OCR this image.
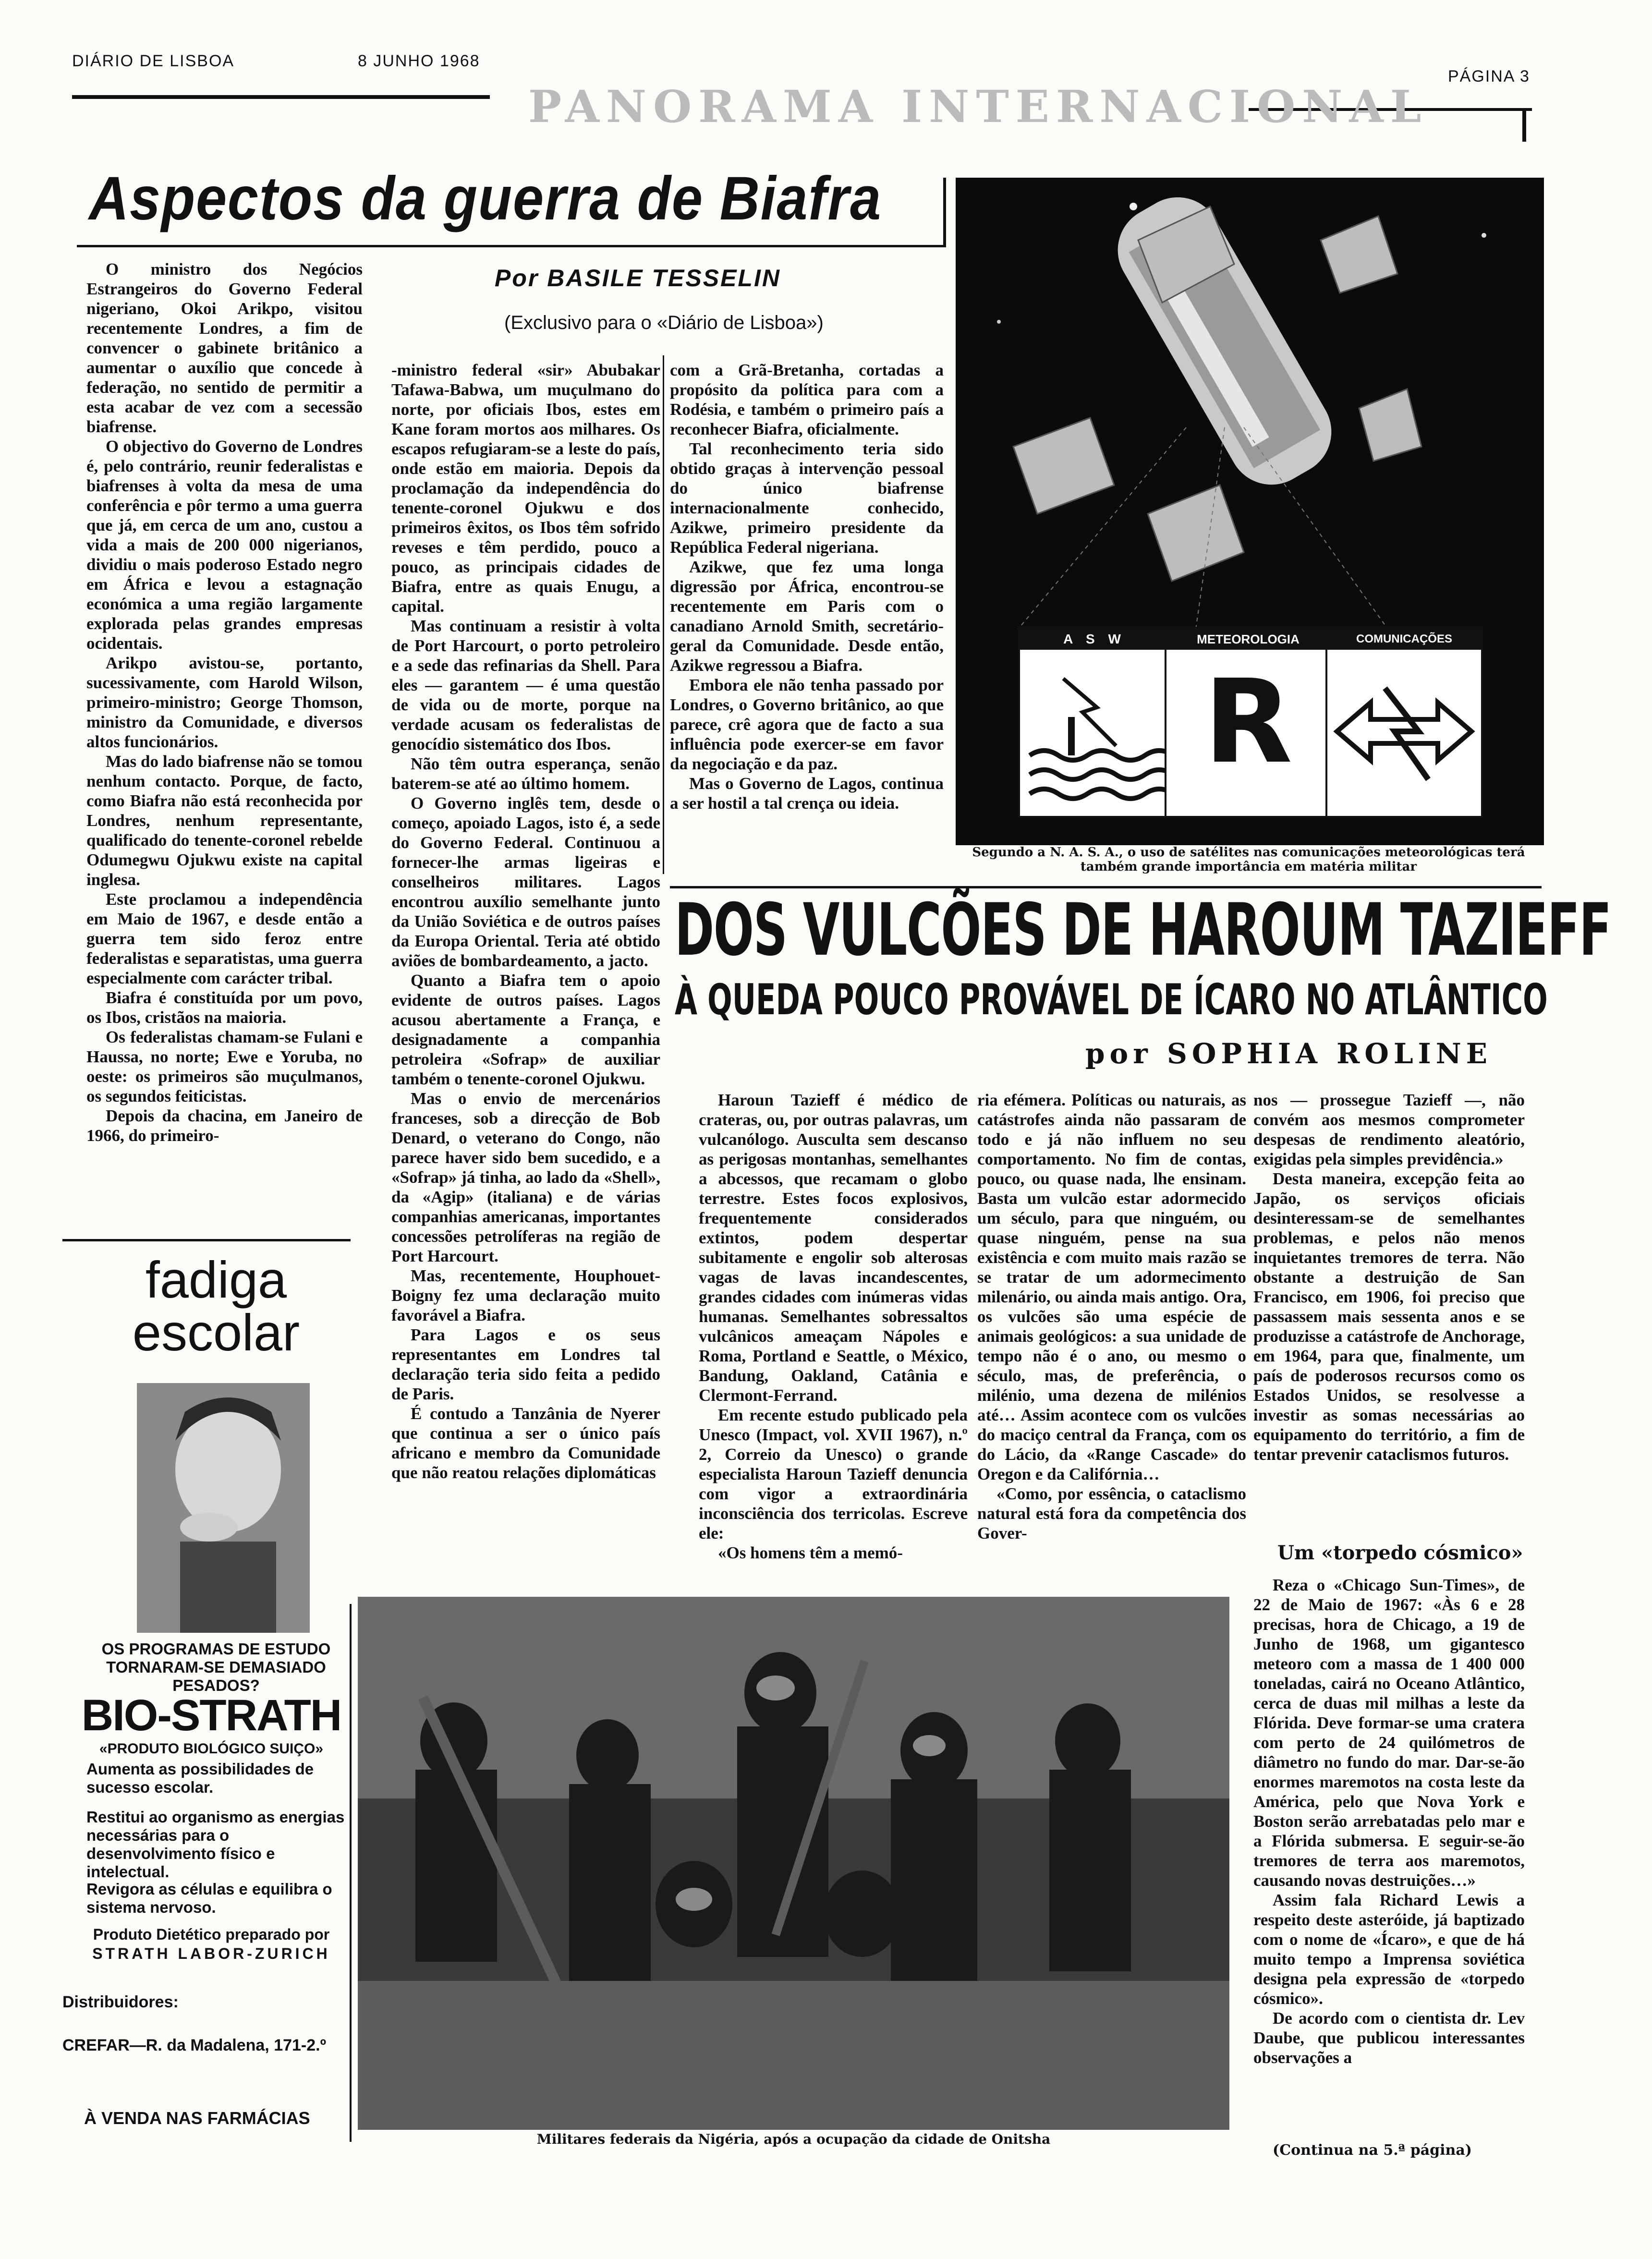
DIÁRIO DE LISBOA	8 JUNHO 1968
PÁGINA 3
PANORAMA INTERNACIONAL
Aspectos da guerra de Biafra
Por BASILE TESSELIN
(Exclusivo para o «Diário de Lisboa»)

O ministro dos Negócios Estrangeiros do Governo Federal nigeriano, Okoi Arikpo, visitou recentemente Londres, a fim de convencer o gabinete britânico a aumentar o auxílio que concede à federação, no sentido de permitir a esta acabar de vez com a secessão biafrense.

O objectivo do Governo de Londres é, pelo contrário, reunir federalistas e biafrenses à volta da mesa de uma conferência e pôr termo a uma guerra que já, em cerca de um ano, custou a vida a mais de 200 000 nigerianos, dividiu o mais poderoso Estado negro em África e levou a estagnação económica a uma região largamente explorada pelas grandes empresas ocidentais.

Arikpo avistou-se, portanto, sucessivamente, com Harold Wilson, primeiro-ministro; George Thomson, ministro da Comunidade, e diversos altos funcionários.

Mas do lado biafrense não se tomou nenhum contacto. Porque, de facto, como Biafra não está reconhecida por Londres, nenhum representante, qualificado do tenente-coronel rebelde Odumegwu Ojukwu existe na capital inglesa.

Este proclamou a independência em Maio de 1967, e desde então a guerra tem sido feroz entre federalistas e separatistas, uma guerra especialmente com carácter tribal.

Biafra é constituída por um povo, os Ibos, cristãos na maioria.

Os federalistas chamam-se Fulani e Haussa, no norte; Ewe e Yoruba, no oeste: os primeiros são muçulmanos, os segundos feiticistas.

Depois da chacina, em Janeiro de 1966, do primeiro-

-ministro federal «sir» Abubakar Tafawa-Babwa, um muçulmano do norte, por oficiais Ibos, estes em Kane foram mortos aos milhares. Os escapos refugiaram-se a leste do país, onde estão em maioria. Depois da proclamação da independência do tenente-coronel Ojukwu e dos primeiros êxitos, os Ibos têm sofrido reveses e têm perdido, pouco a pouco, as principais cidades de Biafra, entre as quais Enugu, a capital.

Mas continuam a resistir à volta de Port Harcourt, o porto petroleiro e a sede das refinarias da Shell. Para eles — garantem — é uma questão de vida ou de morte, porque na verdade acusam os federalistas de genocídio sistemático dos Ibos.

Não têm outra esperança, senão baterem-se até ao último homem.

O Governo inglês tem, desde o começo, apoiado Lagos, isto é, a sede do Governo Federal. Continuou a fornecer-lhe armas ligeiras e conselheiros militares. Lagos encontrou auxílio semelhante junto da União Soviética e de outros países da Europa Oriental. Teria até obtido aviões de bombardeamento, a jacto.

Quanto a Biafra tem o apoio evidente de outros países. Lagos acusou abertamente a França, e designadamente a companhia petroleira «Sofrap» de auxiliar também o tenente-coronel Ojukwu.

Mas o envio de mercenários franceses, sob a direcção de Bob Denard, o veterano do Congo, não parece haver sido bem sucedido, e a «Sofrap» já tinha, ao lado da «Shell», da «Agip» (italiana) e de várias companhias americanas, importantes concessões petrolíferas na região de Port Harcourt.

Mas, recentemente, Houphouet-Boigny fez uma declaração muito favorável a Biafra.

Para Lagos e os seus representantes em Londres tal declaração teria sido feita a pedido de Paris.

É contudo a Tanzânia de Nyerer que continua a ser o único país africano e membro da Comunidade que não reatou relações diplomáticas

com a Grã-Bretanha, cortadas a propósito da política para com a Rodésia, e também o primeiro país a reconhecer Biafra, oficialmente.

Tal reconhecimento teria sido obtido graças à intervenção pessoal do único biafrense internacionalmente conhecido, Azikwe, primeiro presidente da República Federal nigeriana.

Azikwe, que fez uma longa digressão por África, encontrou-se recentemente em Paris com o canadiano Arnold Smith, secretário-geral da Comunidade. Desde então, Azikwe regressou a Biafra.

Embora ele não tenha passado por Londres, o Governo britânico, ao que parece, crê agora que de facto a sua influência pode exercer-se em favor da negociação e da paz.

Mas o Governo de Lagos, continua a ser hostil a tal crença ou ideia.

A S W	METEOROLOGIA
R
COMUNICAÇÕES
Segundo a N. A. S. A., o uso de satélites nas comunicações meteorológicas terá também grande importância em matéria militar
DOS VULCÕES DE HAROUM TAZIEFF
À QUEDA POUCO PROVÁVEL DE ÍCARO NO ATLÂNTICO
por SOPHIA ROLINE

Haroun Tazieff é médico de crateras, ou, por outras palavras, um vulcanólogo. Ausculta sem descanso as perigosas montanhas, semelhantes a abcessos, que recamam o globo terrestre. Estes focos explosivos, frequentemente considerados extintos, podem despertar subitamente e engolir sob alterosas vagas de lavas incandescentes, grandes cidades com inúmeras vidas humanas. Semelhantes sobressaltos vulcânicos ameaçam Nápoles e Roma, Portland e Seattle, o México, Bandung, Oakland, Catânia e Clermont-Ferrand.

Em recente estudo publicado pela Unesco (Impact, vol. XVII 1967), n.º 2, Correio da Unesco) o grande especialista Haroun Tazieff denuncia com vigor a extraordinária inconsciência dos terricolas. Escreve ele:

«Os homens têm a memó-

ria efémera. Políticas ou naturais, as catástrofes ainda não passaram de todo e já não influem no seu comportamento. No fim de contas, pouco, ou quase nada, lhe ensinam. Basta um vulcão estar adormecido um século, para que ninguém, ou quase ninguém, pense na sua existência e com muito mais razão se se tratar de um adormecimento milenário, ou ainda mais antigo. Ora, os vulcões são uma espécie de animais geológicos: a sua unidade de tempo não é o ano, ou mesmo o século, mas, de preferência, o milénio, uma dezena de milénios até… Assim acontece com os vulcões do maciço central da França, com os do Lácio, da «Range Cascade» do Oregon e da Califórnia…

«Como, por essência, o cataclismo natural está fora da competência dos Gover-

nos — prossegue Tazieff —, não convém aos mesmos comprometer despesas de rendimento aleatório, exigidas pela simples previdência.»

Desta maneira, excepção feita ao Japão, os serviços oficiais desinteressam-se de semelhantes problemas, e pelos não menos inquietantes tremores de terra. Não obstante a destruição de San Francisco, em 1906, foi preciso que passassem mais sessenta anos e se produzisse a catástrofe de Anchorage, em 1964, para que, finalmente, um país de poderosos recursos como os Estados Unidos, se resolvesse a investir as somas necessárias ao equipamento do território, a fim de tentar prevenir cataclismos futuros.

Um «torpedo cósmico»

Reza o «Chicago Sun-Times», de 22 de Maio de 1967: «Às 6 e 28 precisas, hora de Chicago, a 19 de Junho de 1968, um gigantesco meteoro com a massa de 1 400 000 toneladas, cairá no Oceano Atlântico, cerca de duas mil milhas a leste da Flórida. Deve formar-se uma cratera com perto de 24 quilómetros de diâmetro no fundo do mar. Dar-se-ão enormes maremotos na costa leste da América, pelo que Nova York e Boston serão arrebatadas pelo mar e a Flórida submersa. E seguir-se-ão tremores de terra aos maremotos, causando novas destruições…»

Assim fala Richard Lewis a respeito deste asteróide, já baptizado com o nome de «Ícaro», e que de há muito tempo a Imprensa soviética designa pela expressão de «torpedo cósmico».

De acordo com o cientista dr. Lev Daube, que publicou interessantes observações a

(Continua na 5.ª página)
Militares federais da Nigéria, após a ocupação da cidade de Onitsha
fadiga escolar
OS PROGRAMAS DE ESTUDO TORNARAM-SE DEMASIADO PESADOS?
BIO-STRATH
«PRODUTO BIOLÓGICO SUIÇO»
Aumenta as possibilidades de sucesso escolar.
Restitui ao organismo as energias necessárias para o desenvolvimento físico e intelectual.
Revigora as células e equilibra o sistema nervoso.
Produto Dietético preparado por
STRATH LABOR-ZURICH
Distribuidores:
CREFAR—R. da Madalena, 171-2.º
À VENDA NAS FARMÁCIAS
